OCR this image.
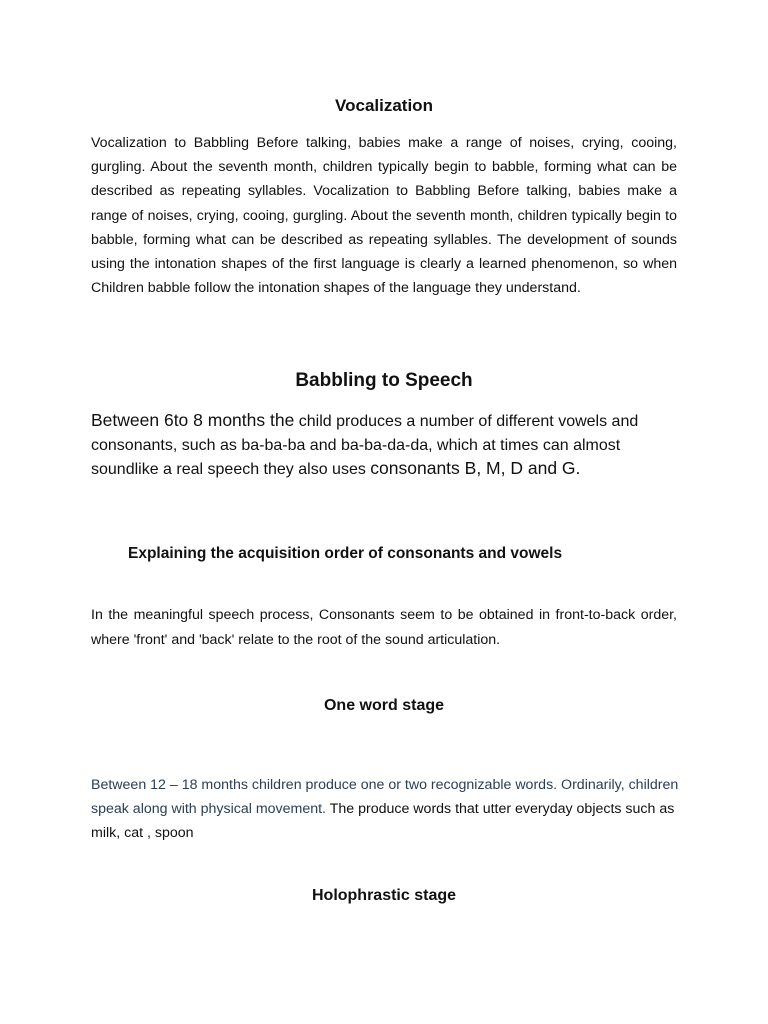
Vocalization

Vocalization to Babbling Before talking, babies make a range of noises, crying, cooing, gurgling. About the seventh month, children typically begin to babble, forming what can be described as repeating syllables. Vocalization to Babbling Before talking, babies make a range of noises, crying, cooing, gurgling. About the seventh month, children typically begin to babble, forming what can be described as repeating syllables. The development of sounds using the intonation shapes of the first language is clearly a learned phenomenon, so when Children babble follow the intonation shapes of the language they understand.

Babbling to Speech

Between 6to 8 months the child produces a number of different vowels and consonants, such as ba-ba-ba and ba-ba-da-da, which at times can almost soundlike a real speech they also uses consonants B, M, D and G.

Explaining the acquisition order of consonants and vowels

In the meaningful speech process, Consonants seem to be obtained in front-to-back order, where 'front' and 'back' relate to the root of the sound articulation.

One word stage

Between 12 – 18 months children produce one or two recognizable words. Ordinarily, children speak along with physical movement. The produce words that utter everyday objects such as milk, cat , spoon

Holophrastic stage
